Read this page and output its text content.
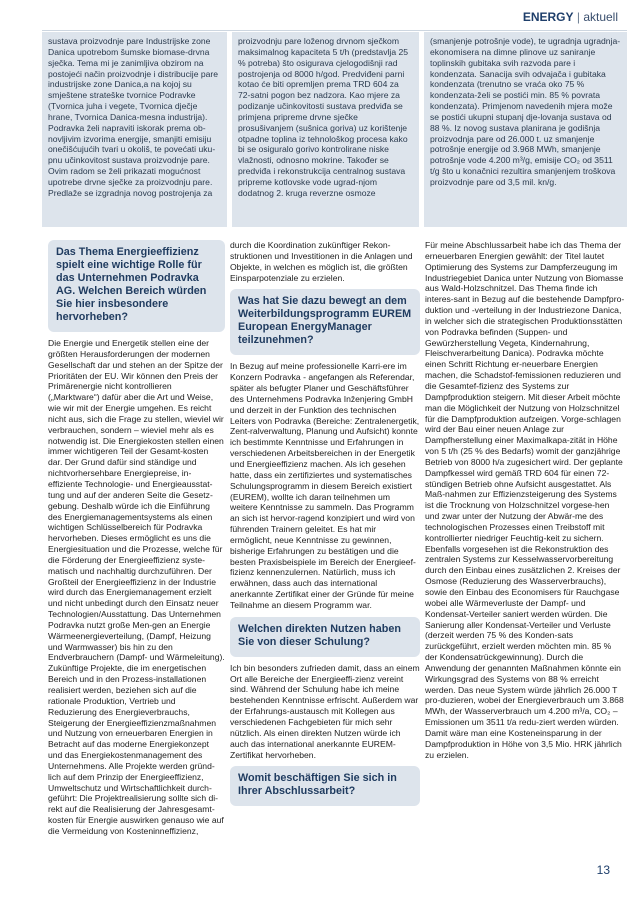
ENERGY | aktuell

sustava proizvodnje pare Industrijske zone Danica upotrebom šumske biomase-drvna sječka. Tema mi je zanimljiva obzirom na postojeći način proizvodnje i distribucije pare industrijske zone Danica,a na kojoj su smještene strateške tvornice Podravke (Tvornica juha i vegete, Tvornica dječje hrane, Tvornica Danica-mesna industrija). Podravka želi napraviti iskorak prema ob-novljivim izvorima energije, smanjiti emisiju onečišćujućih tvari u okoliš, te povećati uku-pnu učinkovitost sustava proizvodnje pare. Ovim radom se želi prikazati mogućnost upotrebe drvne sječke za proizvodnju pare. Predlaže se izgradnja novog postrojenja za

proizvodnju pare loženog drvnom sječkom maksimalnog kapaciteta 5 t/h (predstavlja 25 % potreba) što osigurava cjelogodišnji rad postrojenja od 8000 h/god. Predviđeni parni kotao će biti opremljen prema TRD 604 za 72-satni pogon bez nadzora. Kao mjere za podizanje učinkovitosti sustava predviđa se primjena pripreme drvne sječke prosušivanjem (sušnica goriva) uz korištenje otpadne toplina iz tehnološkog procesa kako bi se osiguralo gorivo kontrolirane niske vlažnosti, odnosno mokrine. Također se predviđa i rekonstrukcija centralnog sustava pripreme kotlovske vode ugrad-njom dodatnog 2. kruga reverzne osmoze

(smanjenje potrošnje vode), te ugradnja ugradnja-ekonomisera na dimne plinove uz saniranje toplinskih gubitaka svih razvoda pare i kondenzata. Sanacija svih odvajača i gubitaka kondenzata (trenutno se vraća oko 75 % kondenzata-želi se postići min. 85 % povrata kondenzata). Primjenom navedenih mjera može se postići ukupni stupanj dje-lovanja sustava od 88 %. Iz novog sustava planirana je godišnja proizvodnja pare od 26.000 t. uz smanjenje potrošnje energije od 3.968 MWh, smanjenje potrošnje vode 4.200 m³/g, emisije CO₂ od 3511 t/g što u konačnici rezultira smanjenjem troškova proizvodnje pare od 3,5 mil. kn/g.

Das Thema Energieeffizienz spielt eine wichtige Rolle für das Unternehmen Podravka AG. Welchen Bereich würden Sie hier insbesondere hervorheben?

Die Energie und Energetik stellen eine der größten Herausforderungen der modernen Gesellschaft dar und stehen an der Spitze der Prioritäten der EU. Wir können den Preis der Primärenergie nicht kontrollieren („Marktware“) dafür aber die Art und Weise, wie wir mit der Energie umgehen. Es reicht nicht aus, sich die Frage zu stellen, wieviel wir verbrauchen, sondern – wieviel mehr als es notwendig ist. Die Energiekosten stellen einen immer wichtigeren Teil der Gesamt-kosten dar. Der Grund dafür sind ständige und nichtvorhersehbare Energiepreise, in-effiziente Technologie- und Energieausstat-tung und auf der anderen Seite die Gesetz-gebung. Deshalb würde ich die Einführung des Energiemanagementsystems als einen wichtigen Schlüsselbereich für Podravka hervorheben. Dieses ermöglicht es uns die Energiesituation und die Prozesse, welche für die Förderung der Energieeffizienz syste-matisch und nachhaltig durchzuführen. Der Großteil der Energieeffizienz in der Industrie wird durch das Energiemanagement erzielt und nicht unbedingt durch den Einsatz neuer Technologien/Ausstattung. Das Unternehmen Podravka nutzt große Men-gen an Energie Wärmeenergieverteilung, (Dampf, Heizung und Warmwasser) bis hin zu den Endverbrauchern (Dampf- und Wärmeleitung). Zukünftige Projekte, die im energetischen Bereich und in den Prozess-installationen realisiert werden, beziehen sich auf die rationale Produktion, Vertrieb und Reduzierung des Energieverbrauchs, Steigerung der Energieeffizienzmaßnahmen und Nutzung von erneuerbaren Energien in Betracht auf das moderne Energiekonzept und das Energiekostenmanagement des Unternehmens. Alle Projekte werden gründ-lich auf dem Prinzip der Energieeffizienz, Umweltschutz und Wirtschaftlichkeit durch-geführt: Die Projektrealisierung sollte sich di-rekt auf die Realisierung der Jahresgesamt-kosten für Energie auswirken genauso wie auf die Vermeidung von Kosteninneffizienz,

durch die Koordination zukünftiger Rekon-struktionen und Investitionen in die Anlagen und Objekte, in welchen es möglich ist, die größten Einsparpotenziale zu erzielen.

Was hat Sie dazu bewegt an dem Weiterbildungsprogramm EUREM European EnergyManager teilzunehmen?

In Bezug auf meine professionelle Karri-ere im Konzern Podravka - angefangen als Referendar, später als befugter Planer und Geschäftsführer des Unternehmens Podravka Inženjering GmbH und derzeit in der Funktion des technischen Leiters von Podravka (Bereiche: Zentralenergetik, Zent-ralverwaltung, Planung und Aufsicht) konnte ich bestimmte Kenntnisse und Erfahrungen in verschiedenen Arbeitsbereichen in der Energetik und Energieeffizienz machen. Als ich gesehen hatte, dass ein zertifiziertes und systematisches Schulungsprogramm in diesem Bereich existiert (EUREM), wollte ich daran teilnehmen um weitere Kenntnisse zu sammeln. Das Programm an sich ist hervor-ragend konzipiert und wird von führenden Trainern geleitet. Es hat mir ermöglicht, neue Kenntnisse zu gewinnen, bisherige Erfahrungen zu bestätigen und die besten Praxisbeispiele im Bereich der Energieef-fizienz kennenzulernen. Natürlich, muss ich erwähnen, dass auch das international anerkannte Zertifikat einer der Gründe für meine Teilnahme an diesem Programm war.

Welchen direkten Nutzen haben Sie von dieser Schulung?

Ich bin besonders zufrieden damit, dass an einem Ort alle Bereiche der Energieeffi-zienz vereint sind. Während der Schulung habe ich meine bestehenden Kenntnisse erfrischt. Außerdem war der Erfahrungs-austausch mit Kollegen aus verschiedenen Fachgebieten für mich sehr nützlich. Als einen direkten Nutzen würde ich auch das international anerkannte EUREM-Zertifikat hervorheben.

Womit beschäftigen Sie sich in Ihrer Abschlussarbeit?

Für meine Abschlussarbeit habe ich das Thema der erneuerbaren Energien gewählt: der Titel lautet Optimierung des Systems zur Dampferzeugung im Industriegebiet Danica unter Nutzung von Biomasse aus Wald-Holzschnitzel. Das Thema finde ich interes-sant in Bezug auf die bestehende Dampfpro-duktion und -verteilung in der Industriezone Danica, in welcher sich die strategischen Produktionsstätten von Podravka befinden (Suppen- und Gewürzherstellung Vegeta, Kindernahrung, Fleischverarbeitung Danica). Podravka möchte einen Schritt Richtung er-neuerbare Energien machen, die Schadstof-femissionen reduzieren und die Gesamtef-fizienz des Systems zur Dampfproduktion steigern. Mit dieser Arbeit möchte man die Möglichkeit der Nutzung von Holzschnitzel für die Dampfproduktion aufzeigen. Vorge-schlagen wird der Bau einer neuen Anlage zur Dampfherstellung einer Maximalkapa-zität in Höhe von 5 t/h (25 % des Bedarfs) womit der ganzjährige Betrieb von 8000 h/a zugesichert wird. Der geplante Dampfkessel wird gemäß TRD 604 für einen 72-stündigen Betrieb ohne Aufsicht ausgestattet. Als Maß-nahmen zur Effizienzsteigerung des Systems ist die Trocknung von Holzschnitzel vorgese-hen und zwar unter der Nutzung der Abwär-me des technologischen Prozesses einen Treibstoff mit kontrollierter niedriger Feuchtig-keit zu sichern. Ebenfalls vorgesehen ist die Rekonstruktion des zentralen Systems zur Kesselwasservorbereitung durch den Einbau eines zusätzlichen 2. Kreises der Osmose (Reduzierung des Wasserverbrauchs), sowie den Einbau des Economisers für Rauchgase wobei alle Wärmeverluste der Dampf- und Kondensat-Verteiler saniert werden würden. Die Sanierung aller Kondensat-Verteiler und Verluste (derzeit werden 75 % des Konden-sats zurückgeführt, erzielt werden möchten min. 85 % der Kondensatrückgewinnung). Durch die Anwendung der genannten Maßnahmen könnte ein Wirkungsgrad des Systems von 88 % erreicht werden. Das neue System würde jährlich 26.000 T pro-duzieren, wobei der Energieverbrauch um 3.868 MWh, der Wasserverbrauch um 4.200 m³/a, CO₂ –Emissionen um 3511 t/a redu-ziert werden würden. Damit wäre man eine Kosteneinsparung in der Dampfproduktion in Höhe von 3,5 Mio. HRK jährlich zu erzielen.

13
